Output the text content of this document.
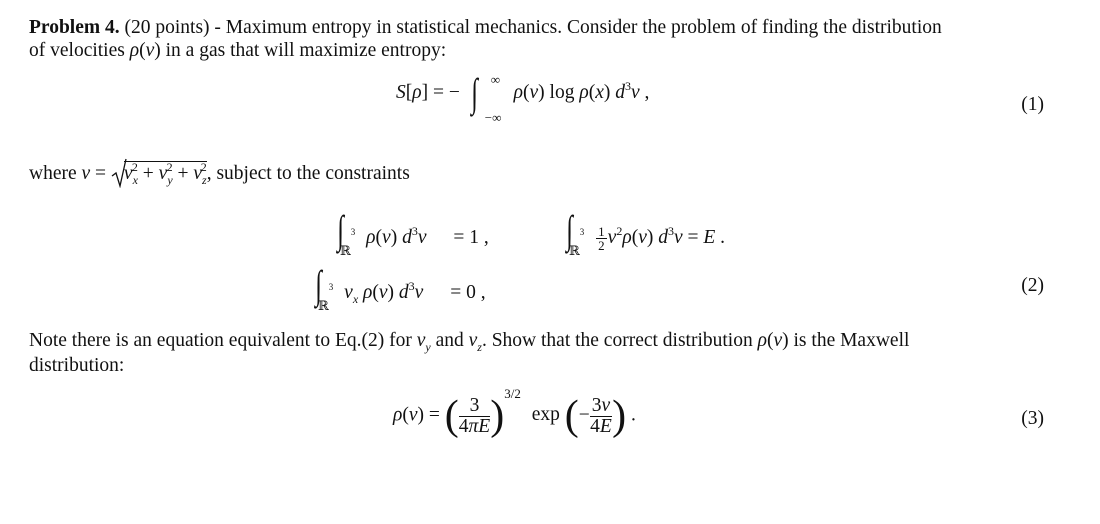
Problem 4. (20 points) - Maximum entropy in statistical mechanics. Consider the problem of finding the distribution
of velocities ρ(v) in a gas that will maximize entropy:
S[ρ] = − ∫ ∞
−∞
ρ(v) log ρ(x) $d^3v$ ,
(1)
where $v = v_x^2 + v_y^2 + v_z^2$, subject to the constraints
$\int_{ℝ^3}$ ρ(v) $d^3v = 1$ , $\int_{ℝ^3} \frac{1}{2} v^2\rho(v) d^3v = E$ .
$\int_{ℝ^3}$ $v_x$ ρ(v) $d^3v = 0$ ,	(2)
Note there is an equation equivalent to Eq.(2) for $v_y$ and $v_z$. Show that the correct distribution ρ(v) is the Maxwell
distribution:
ρ(v) = ( $\frac{3}{4\pi E} )^{3/2}$ exp (− $\frac{3v}{4E}$ ) .	(3)
